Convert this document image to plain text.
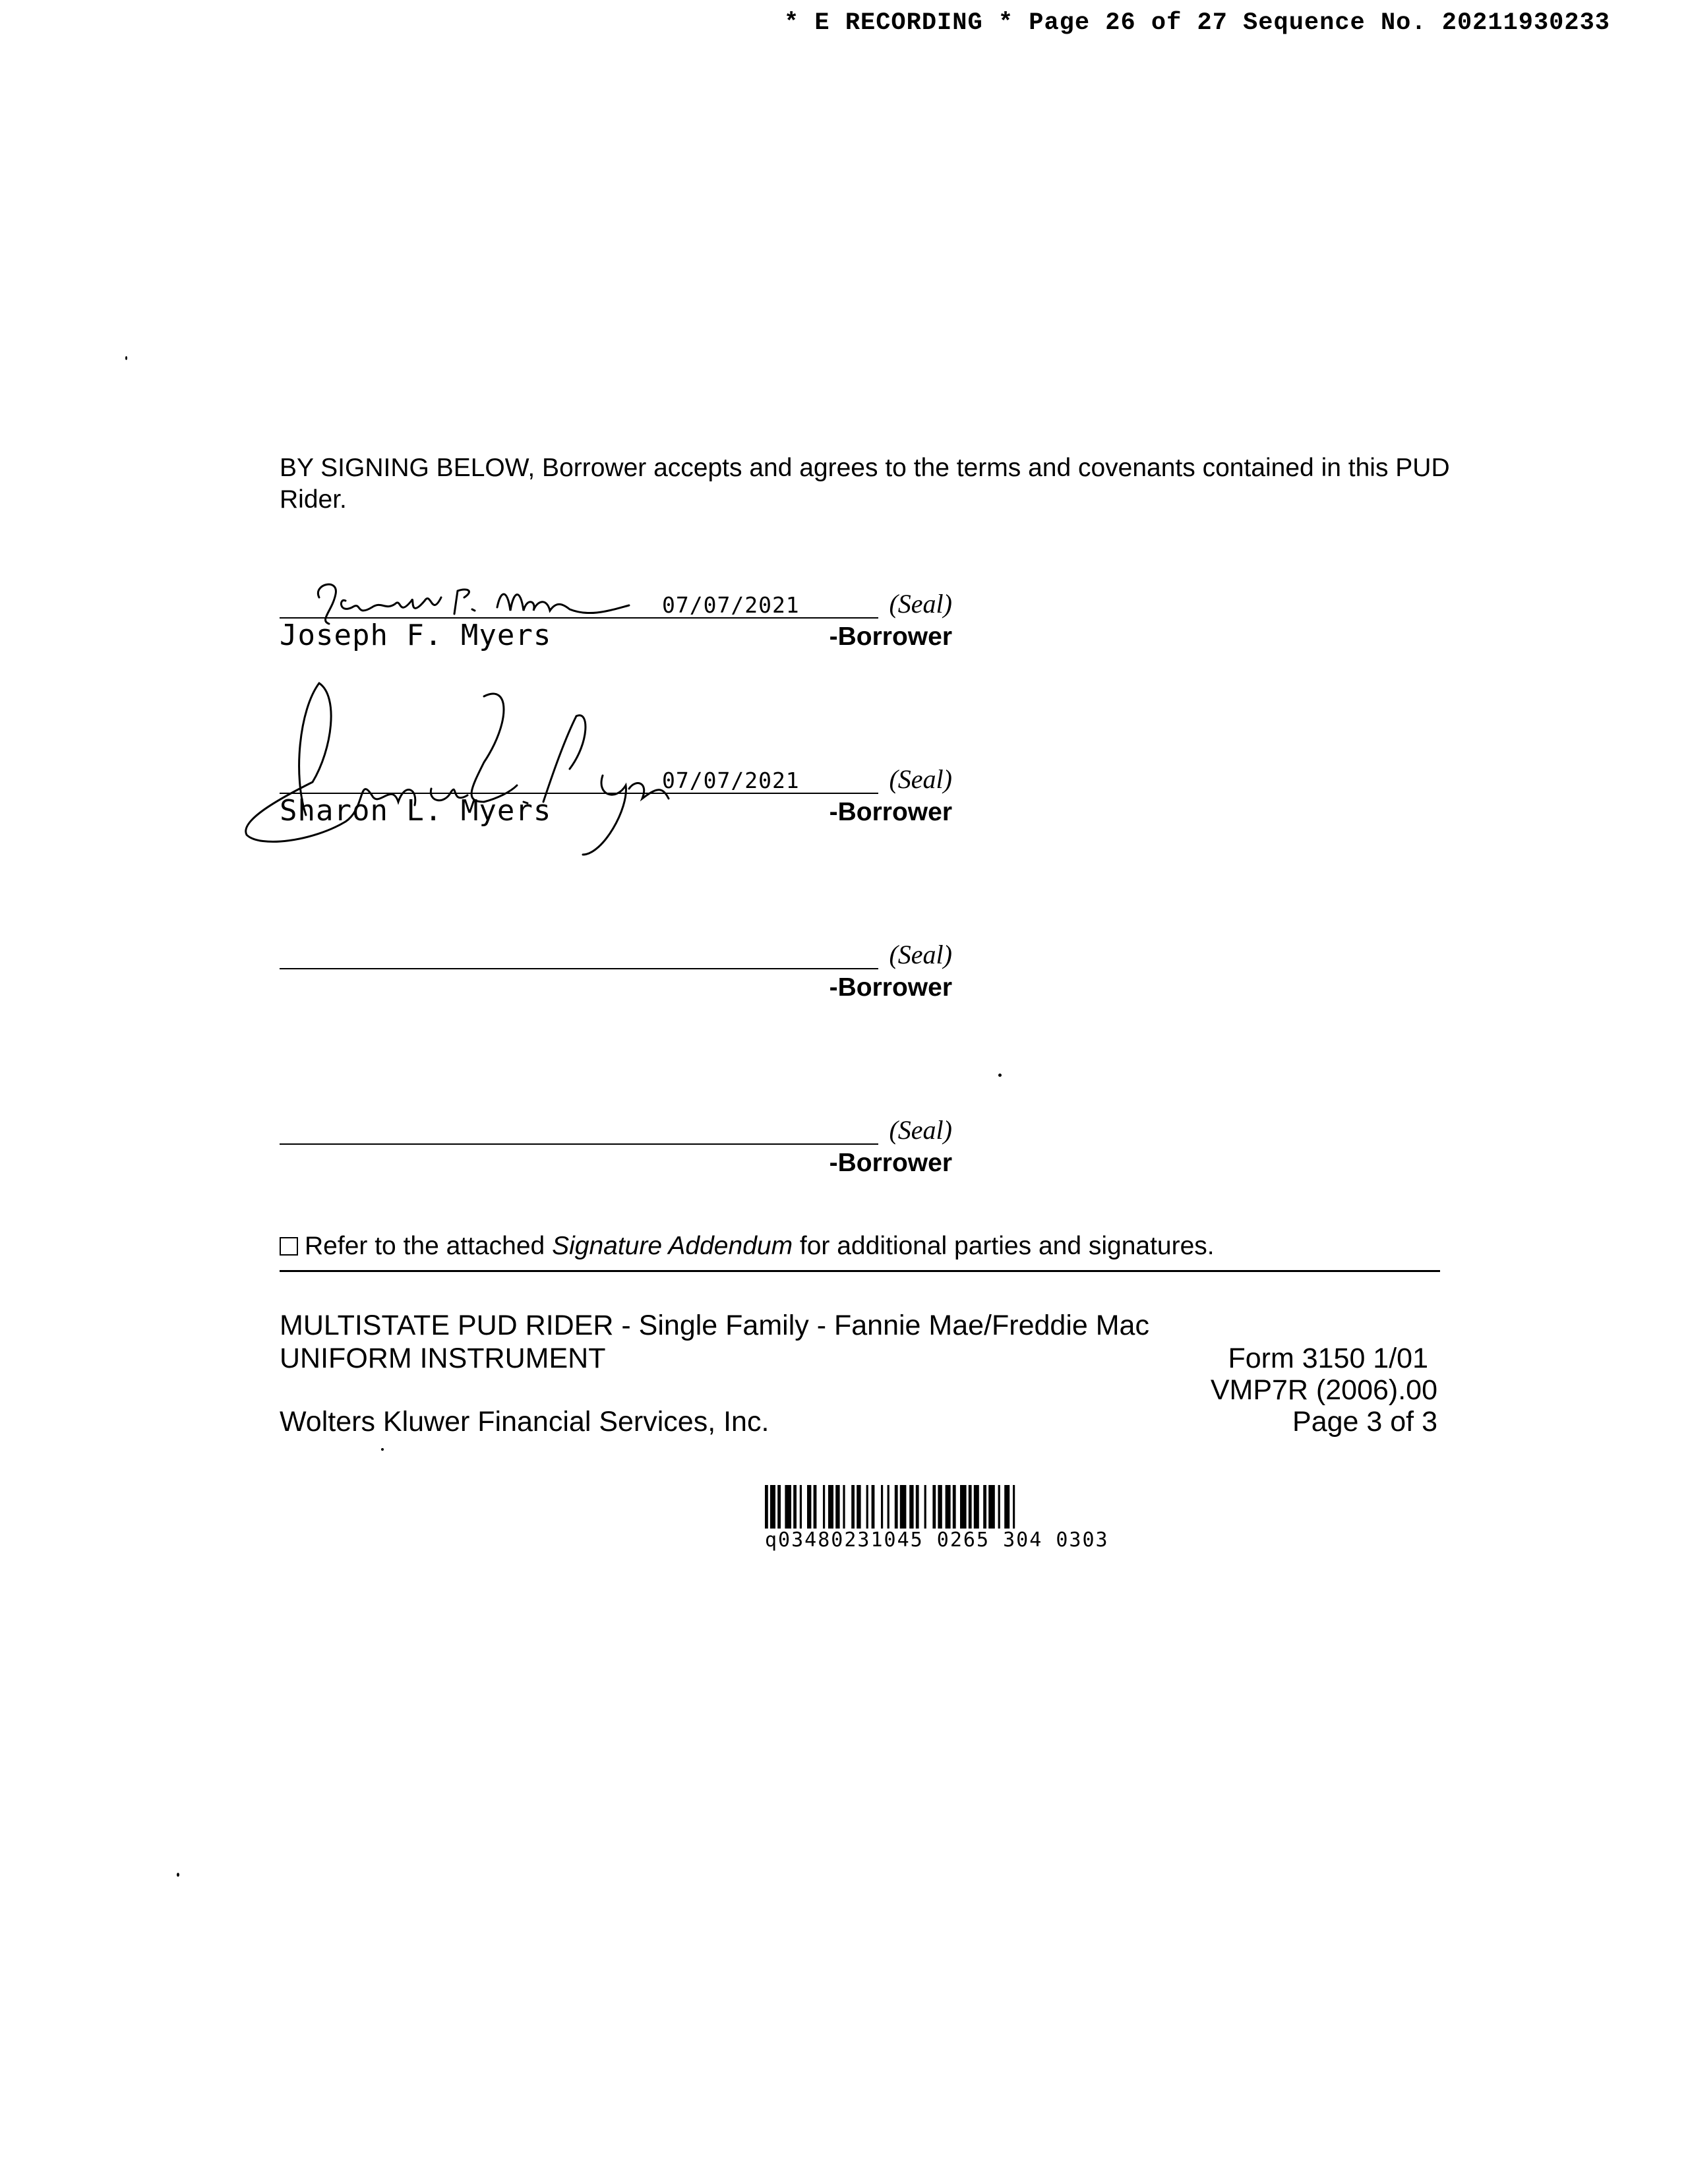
* E RECORDING * Page 26 of 27 Sequence No. 20211930233
BY SIGNING BELOW, Borrower accepts and agrees to the terms and covenants contained in this PUD Rider.
07/07/2021
Joseph F. Myers
(Seal)
-Borrower
07/07/2021
Sharon L. Myers
(Seal)
-Borrower
(Seal)
-Borrower
(Seal)
-Borrower
Refer to the attached Signature Addendum for additional parties and signatures.
MULTISTATE PUD RIDER - Single Family - Fannie Mae/Freddie Mac
UNIFORM INSTRUMENT	Form 3150 1/01
VMP7R (2006).00
Wolters Kluwer Financial Services, Inc.	Page 3 of 3
q03480231045 0265 304 0303
